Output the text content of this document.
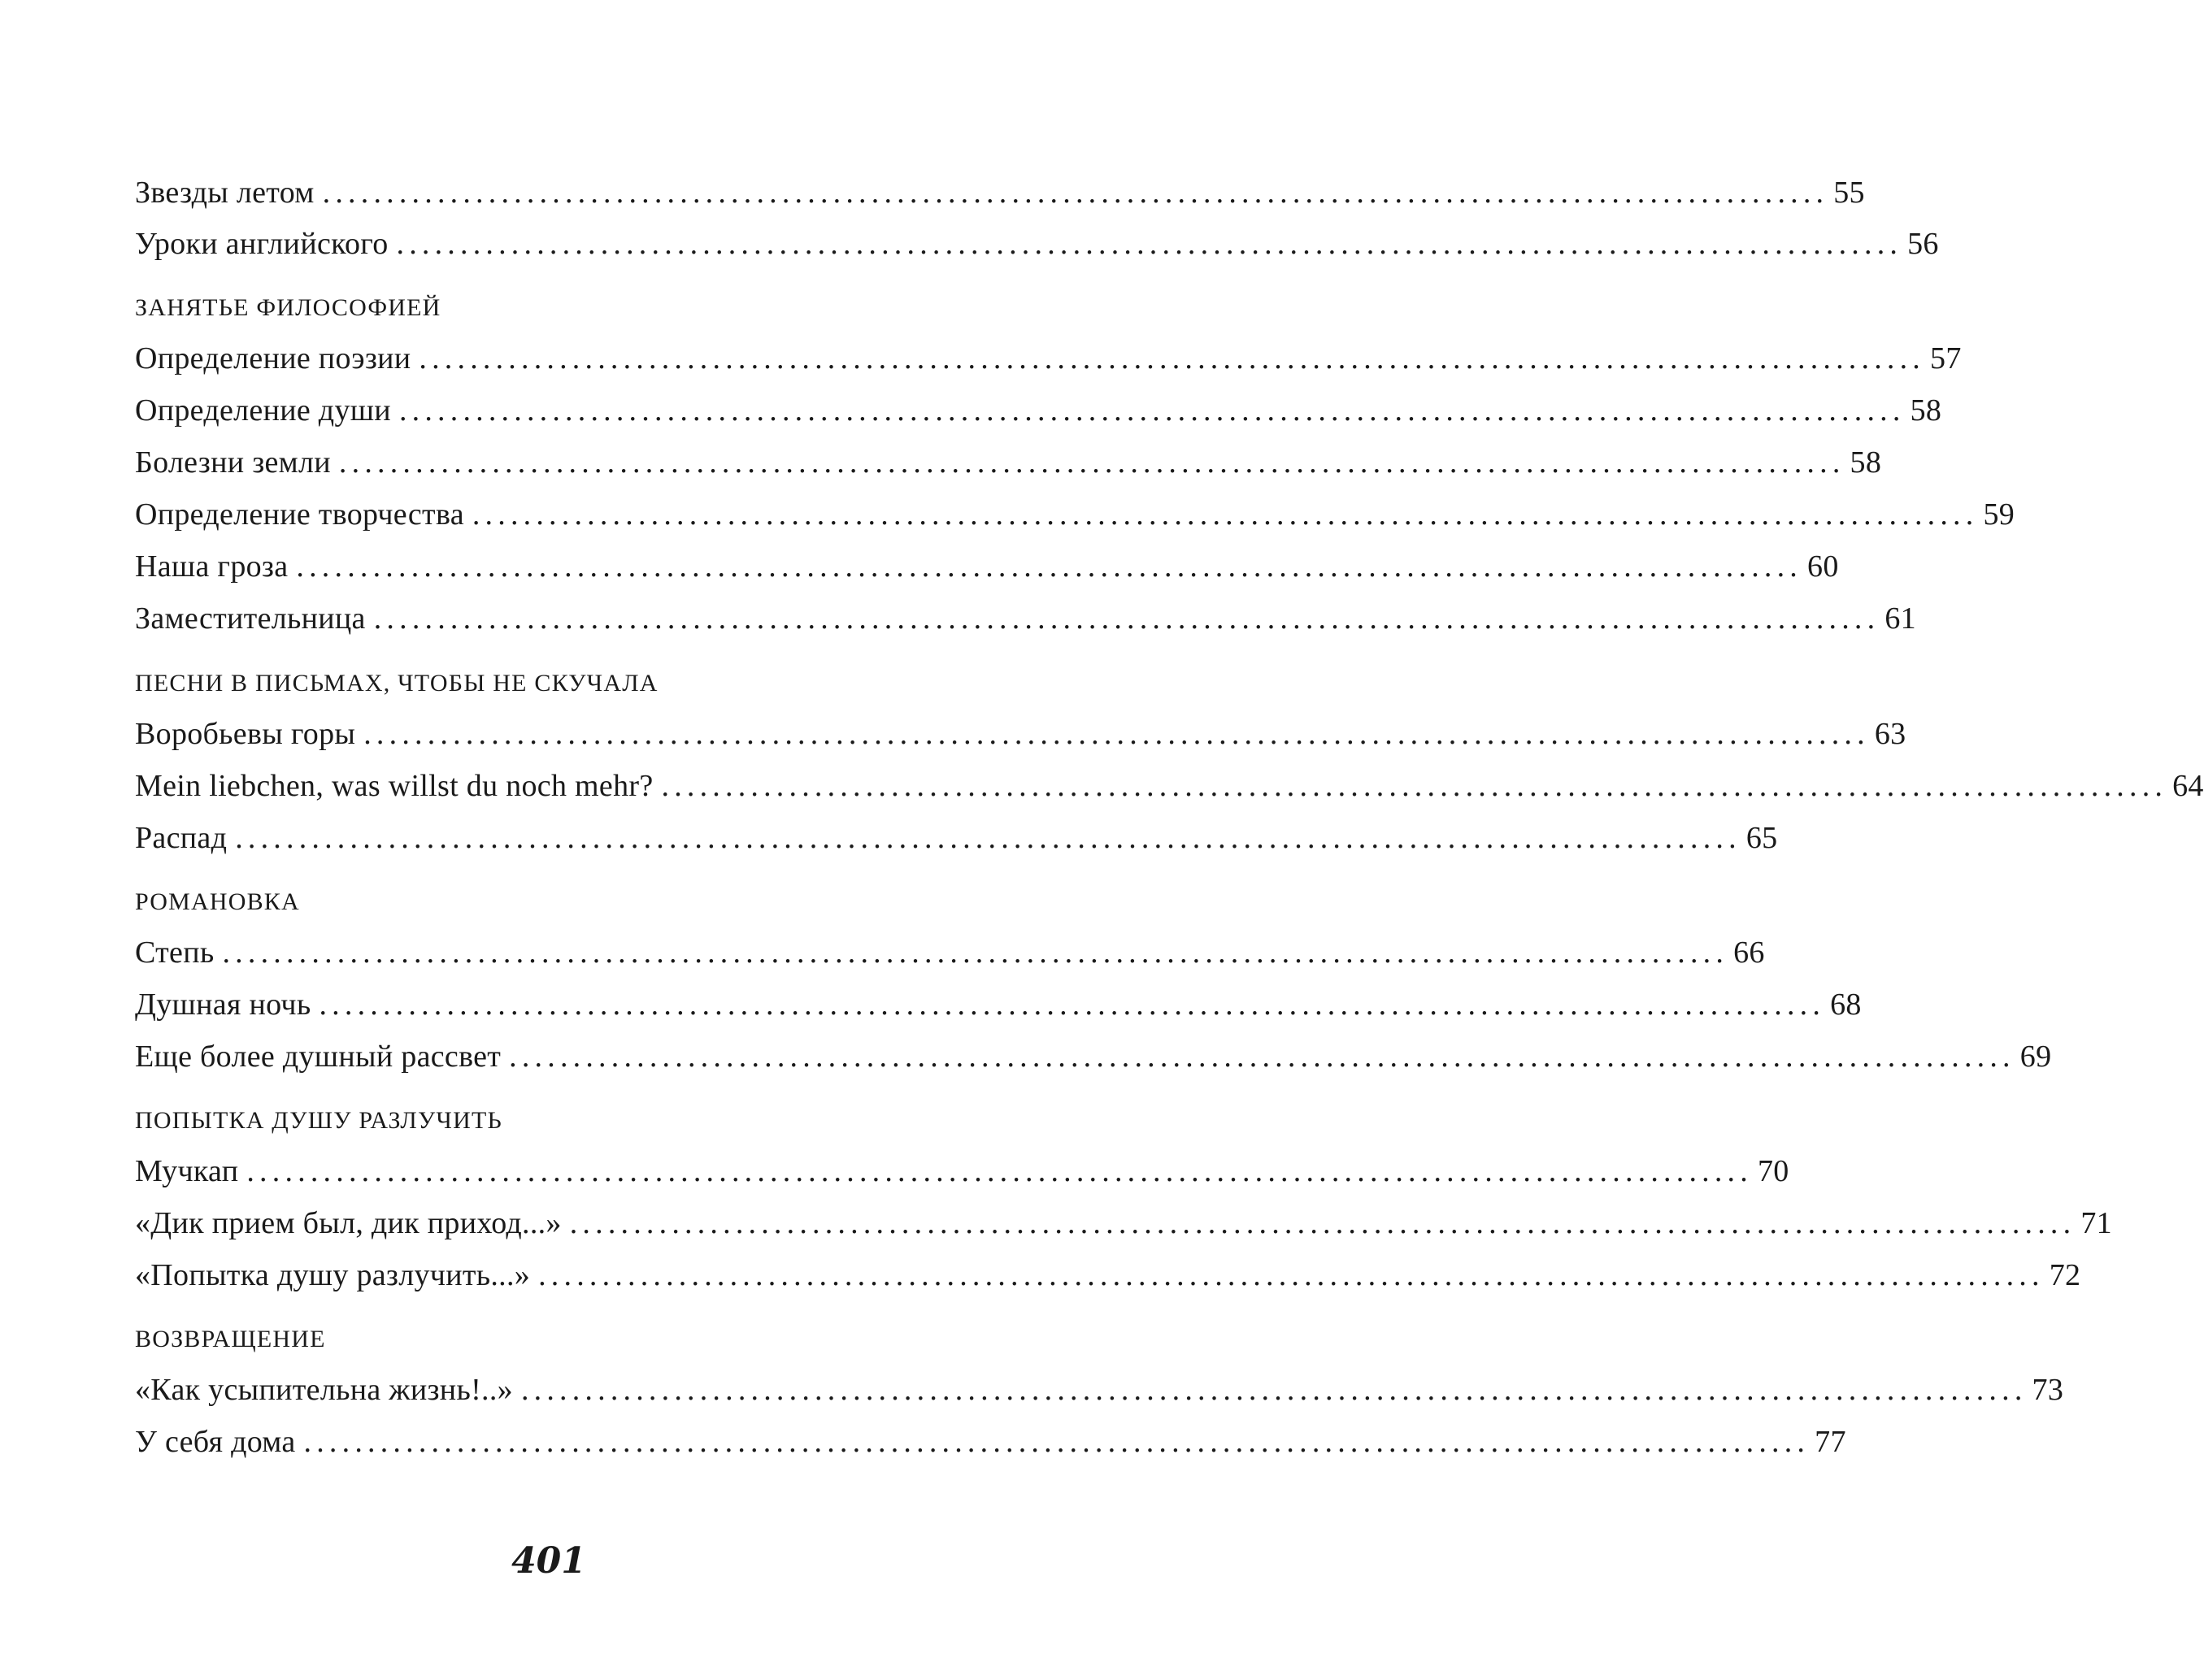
Звезды летом ...................................................................................................................... 55
Уроки английского ...................................................................................................................... 56
ЗАНЯТЬЕ ФИЛОСОФИЕЙ
Определение поэзии ...................................................................................................................... 57
Определение души ...................................................................................................................... 58
Болезни земли ...................................................................................................................... 58
Определение творчества ...................................................................................................................... 59
Наша гроза ...................................................................................................................... 60
Заместительница ...................................................................................................................... 61
ПЕСНИ В ПИСЬМАХ, ЧТОБЫ НЕ СКУЧАЛА
Воробьевы горы ...................................................................................................................... 63
Mein liebchen, was willst du noch mehr? ...................................................................................................................... 64
Распад ...................................................................................................................... 65
РОМАНОВКА
Степь ...................................................................................................................... 66
Душная ночь ...................................................................................................................... 68
Еще более душный рассвет ...................................................................................................................... 69
ПОПЫТКА ДУШУ РАЗЛУЧИТЬ
Мучкап ...................................................................................................................... 70
«Дик прием был, дик приход...» ...................................................................................................................... 71
«Попытка душу разлучить...» ...................................................................................................................... 72
ВОЗВРАЩЕНИЕ
«Как усыпительна жизнь!..» ...................................................................................................................... 73
У себя дома ...................................................................................................................... 77
401
